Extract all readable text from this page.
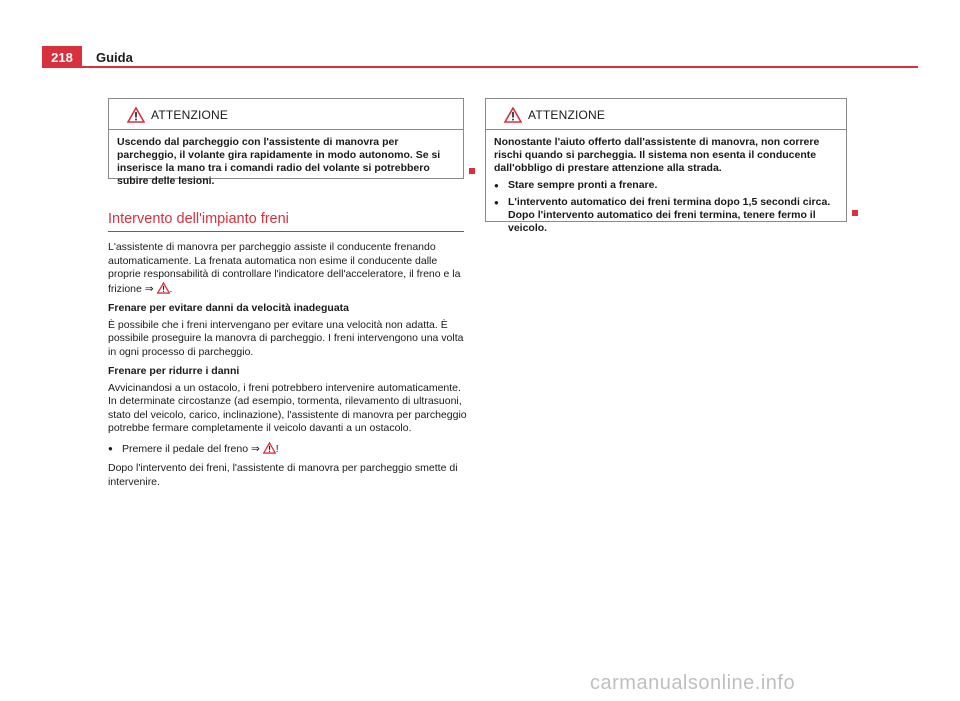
218	Guida
ATTENZIONE

Uscendo dal parcheggio con l'assistente di manovra per parcheggio, il volante gira rapidamente in modo autonomo. Se si inserisce la mano tra i comandi radio del volante si potrebbero subire delle lesioni.

Intervento dell'impianto freni

L'assistente di manovra per parcheggio assiste il conducente frenando automaticamente. La frenata automatica non esime il conducente dalle proprie responsabilità di controllare l'indicatore dell'acceleratore, il freno e la frizione ⇒ .

Frenare per evitare danni da velocità inadeguata

È possibile che i freni intervengano per evitare una velocità non adatta. È possibile proseguire la manovra di parcheggio. I freni intervengono una volta in ogni processo di parcheggio.

Frenare per ridurre i danni

Avvicinandosi a un ostacolo, i freni potrebbero intervenire automaticamente. In determinate circostanze (ad esempio, tormenta, rilevamento di ultrasuoni, stato del veicolo, carico, inclinazione), l'assistente di manovra per parcheggio potrebbe fermare completamente il veicolo davanti a un ostacolo.

● Premere il pedale del freno ⇒ !

Dopo l'intervento dei freni, l'assistente di manovra per parcheggio smette di intervenire.

ATTENZIONE

Nonostante l'aiuto offerto dall'assistente di manovra, non correre rischi quando si parcheggia. Il sistema non esenta il conducente dall'obbligo di prestare attenzione alla strada.

● Stare sempre pronti a frenare.

● L'intervento automatico dei freni termina dopo 1,5 secondi circa. Dopo l'intervento automatico dei freni termina, tenere fermo il veicolo.

carmanualsonline.info
